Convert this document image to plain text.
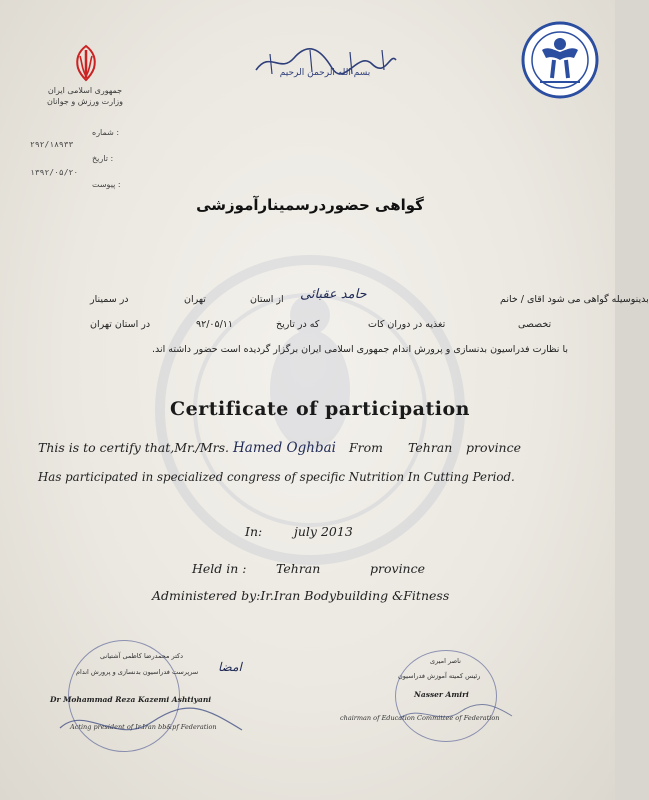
جمهوری اسلامی ایران
وزارت ورزش و جوانان
بسم الله الرحمن الرحیم
شماره :
۲۹۲/۱۸۹۳۳
تاریخ :
۱۳۹۲/۰۵/۲۰
پیوست :
گواهی حضوردرسمینارآموزشی
بدینوسیله گواهی می شود اقای / خانم
حامد عقبائی
از استان
تهران
در سمینار
تخصصی
تغذیه در دوران کات
که در تاریخ
۹۲/۰۵/۱۱
در استان تهران
با نظارت فدراسیون بدنسازی و پرورش اندام جمهوری اسلامی ایران برگزار گردیده است حضور داشته اند.
Certificate of participation
This is to certify that,Mr./Mrs. Hamed Oghbai From Tehran province
Has participated in specialized congress of specific Nutrition In Cutting Period.
In:	july 2013
Held in : Tehran	province
Administered by:Ir.Iran Bodybuilding &Fitness
دکتر محمدرضا کاظمی آشتیانی
سرپرست فدراسیون بدنسازی و پرورش اندام امضا
Dr Mohammad Reza Kazemi Ashtiyani
Acting president of Ir.Iran bb&pf Federation
ناصر امیری
رئیس کمیته آموزش فدراسیون
Nasser Amiri
chairman of Education Committee of Federation
